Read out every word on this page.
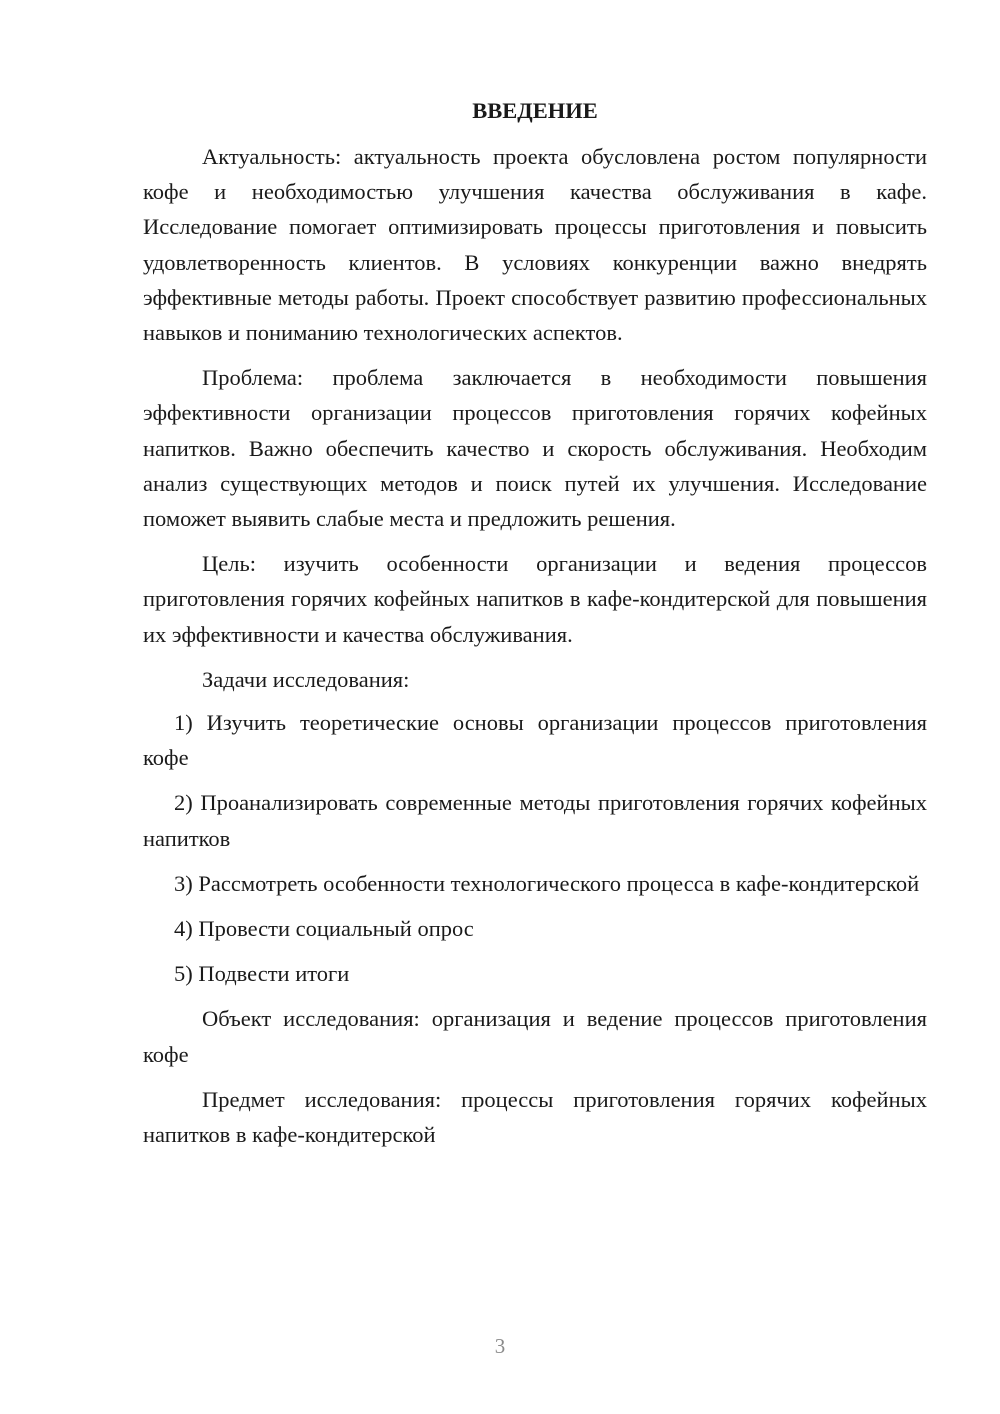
ВВЕДЕНИЕ

Актуальность: актуальность проекта обусловлена ростом популярности кофе и необходимостью улучшения качества обслуживания в кафе. Исследование помогает оптимизировать процессы приготовления и повысить удовлетворенность клиентов. В условиях конкуренции важно внедрять эффективные методы работы. Проект способствует развитию профессиональных навыков и пониманию технологических аспектов.

Проблема: проблема заключается в необходимости повышения эффективности организации процессов приготовления горячих кофейных напитков. Важно обеспечить качество и скорость обслуживания. Необходим анализ существующих методов и поиск путей их улучшения. Исследование поможет выявить слабые места и предложить решения.

Цель: изучить особенности организации и ведения процессов приготовления горячих кофейных напитков в кафе-кондитерской для повышения их эффективности и качества обслуживания.

Задачи исследования:

1) Изучить теоретические основы организации процессов приготовления кофе

2) Проанализировать современные методы приготовления горячих кофейных напитков

3) Рассмотреть особенности технологического процесса в кафе-кондитерской

4) Провести социальный опрос

5) Подвести итоги

Объект исследования: организация и ведение процессов приготовления кофе

Предмет исследования: процессы приготовления горячих кофейных напитков в кафе-кондитерской

3
